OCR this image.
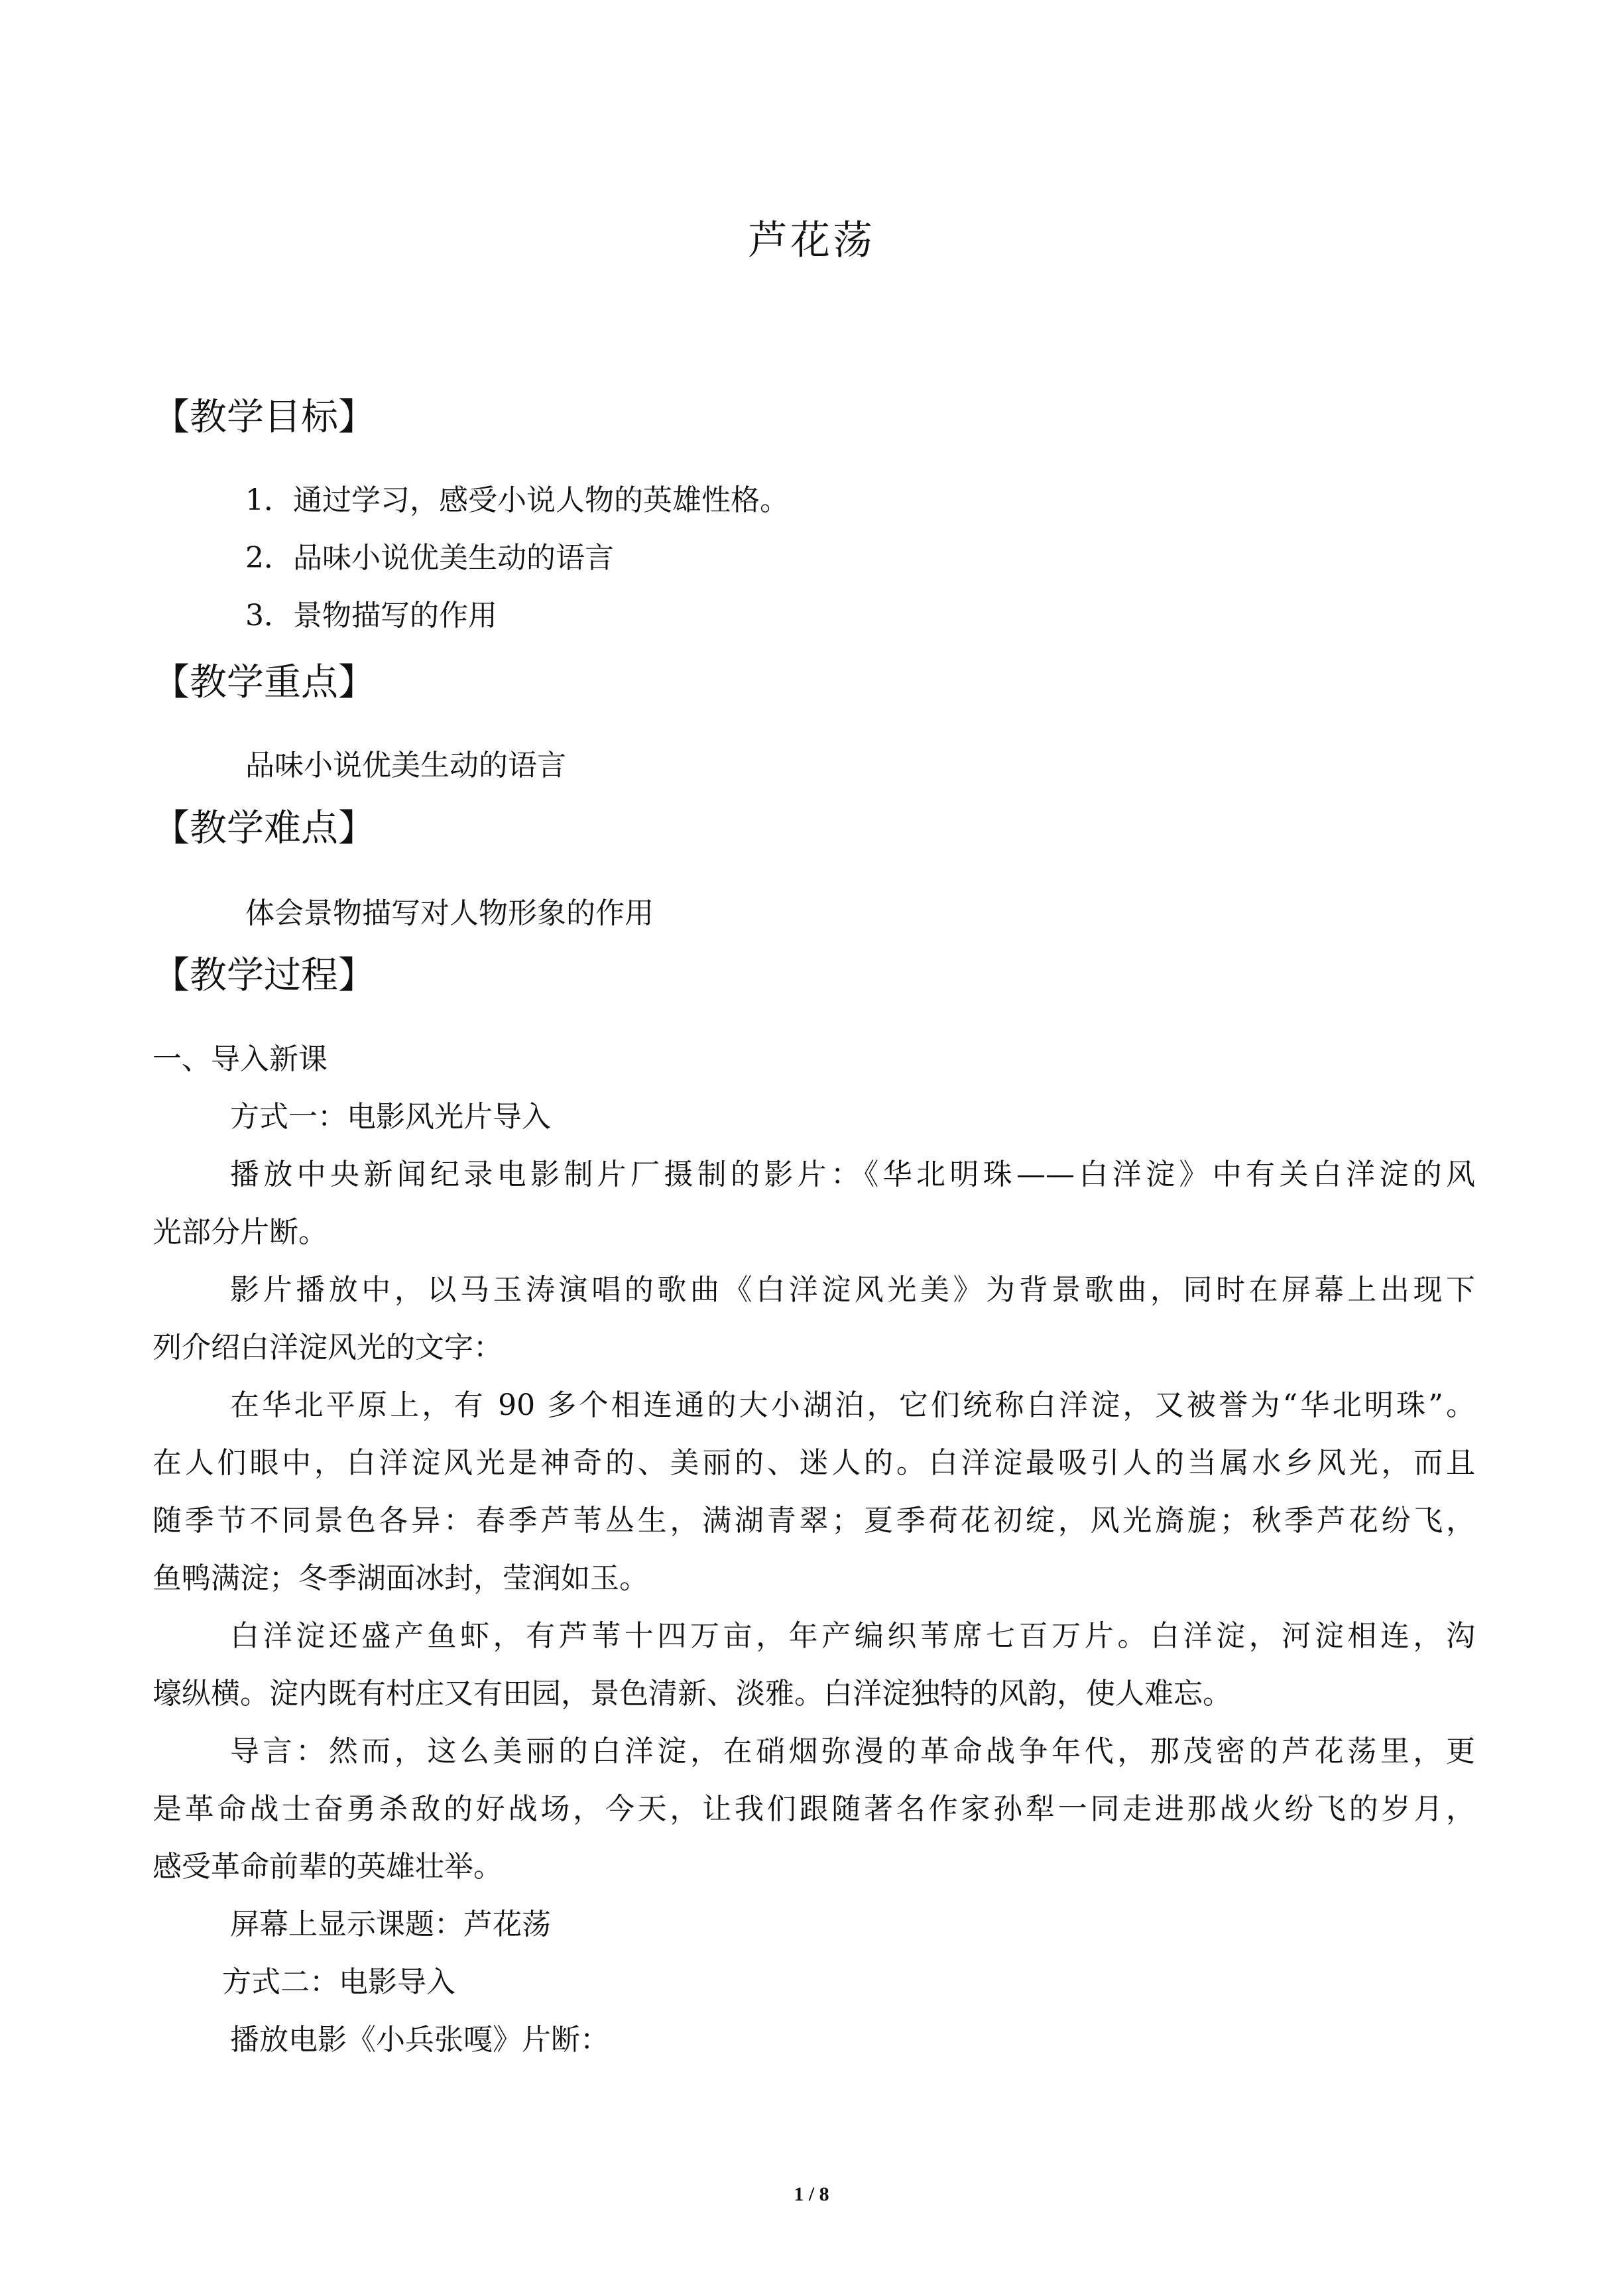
芦花荡
【教学目标】
1．通过学习，感受小说人物的英雄性格。
2．品味小说优美生动的语言
3．景物描写的作用
【教学重点】
品味小说优美生动的语言
【教学难点】
体会景物描写对人物形象的作用
【教学过程】
一、导入新课
方式一：电影风光片导入
播放中央新闻纪录电影制片厂摄制的影片：《华北明珠——白洋淀》中有关白洋淀的风
光部分片断。
影片播放中，以马玉涛演唱的歌曲《白洋淀风光美》为背景歌曲，同时在屏幕上出现下
列介绍白洋淀风光的文字：
在华北平原上，有 90 多个相连通的大小湖泊，它们统称白洋淀，又被誉为“华北明珠”。
在人们眼中，白洋淀风光是神奇的、美丽的、迷人的。白洋淀最吸引人的当属水乡风光，而且
随季节不同景色各异：春季芦苇丛生，满湖青翠；夏季荷花初绽，风光旖旎；秋季芦花纷飞，
鱼鸭满淀；冬季湖面冰封，莹润如玉。
白洋淀还盛产鱼虾，有芦苇十四万亩，年产编织苇席七百万片。白洋淀，河淀相连，沟
壕纵横。淀内既有村庄又有田园，景色清新、淡雅。白洋淀独特的风韵，使人难忘。
导言：然而，这么美丽的白洋淀，在硝烟弥漫的革命战争年代，那茂密的芦花荡里，更
是革命战士奋勇杀敌的好战场，今天，让我们跟随著名作家孙犁一同走进那战火纷飞的岁月，
感受革命前辈的英雄壮举。
屏幕上显示课题：芦花荡
方式二：电影导入
播放电影《小兵张嘎》片断：
1 / 8
